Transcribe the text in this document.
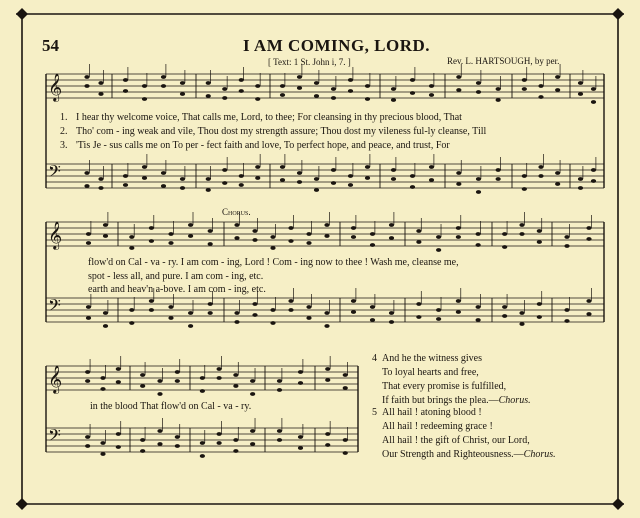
𝄞
𝄢
𝄞
𝄢
𝄞
𝄢
54	I AM COMING, LORD.
[ Text: 1 St. John i, 7. ]	Rev. L. HARTSOUGH, by per.
1. I hear thy welcome voice, That calls me, Lord, to thee; For cleansing in thy precious blood, That
2. Tho' com - ing weak and vile, Thou dost my strength assure; Thou dost my vileness ful-ly cleanse, Till
3. 'Tis Je - sus calls me on To per - fect faith and love, To perfect hope, and peace, and trust, For
Chorus.
flow'd on Cal - va - ry. I am com - ing, Lord ! Com - ing now to thee ! Wash me, cleanse me,
spot - less all, and pure. I am com - ing, etc.
earth and heav'n a-bove. I am com - ing, etc.
in the blood That flow'd on Cal - va - ry.
4 And he the witness gives
To loyal hearts and free,
That every promise is fulfilled,
If faith but brings the plea.—Chorus.
5 All hail ! atoning blood !
All hail ! redeeming grace !
All hail ! the gift of Christ, our Lord,
Our Strength and Righteousness.—Chorus.
